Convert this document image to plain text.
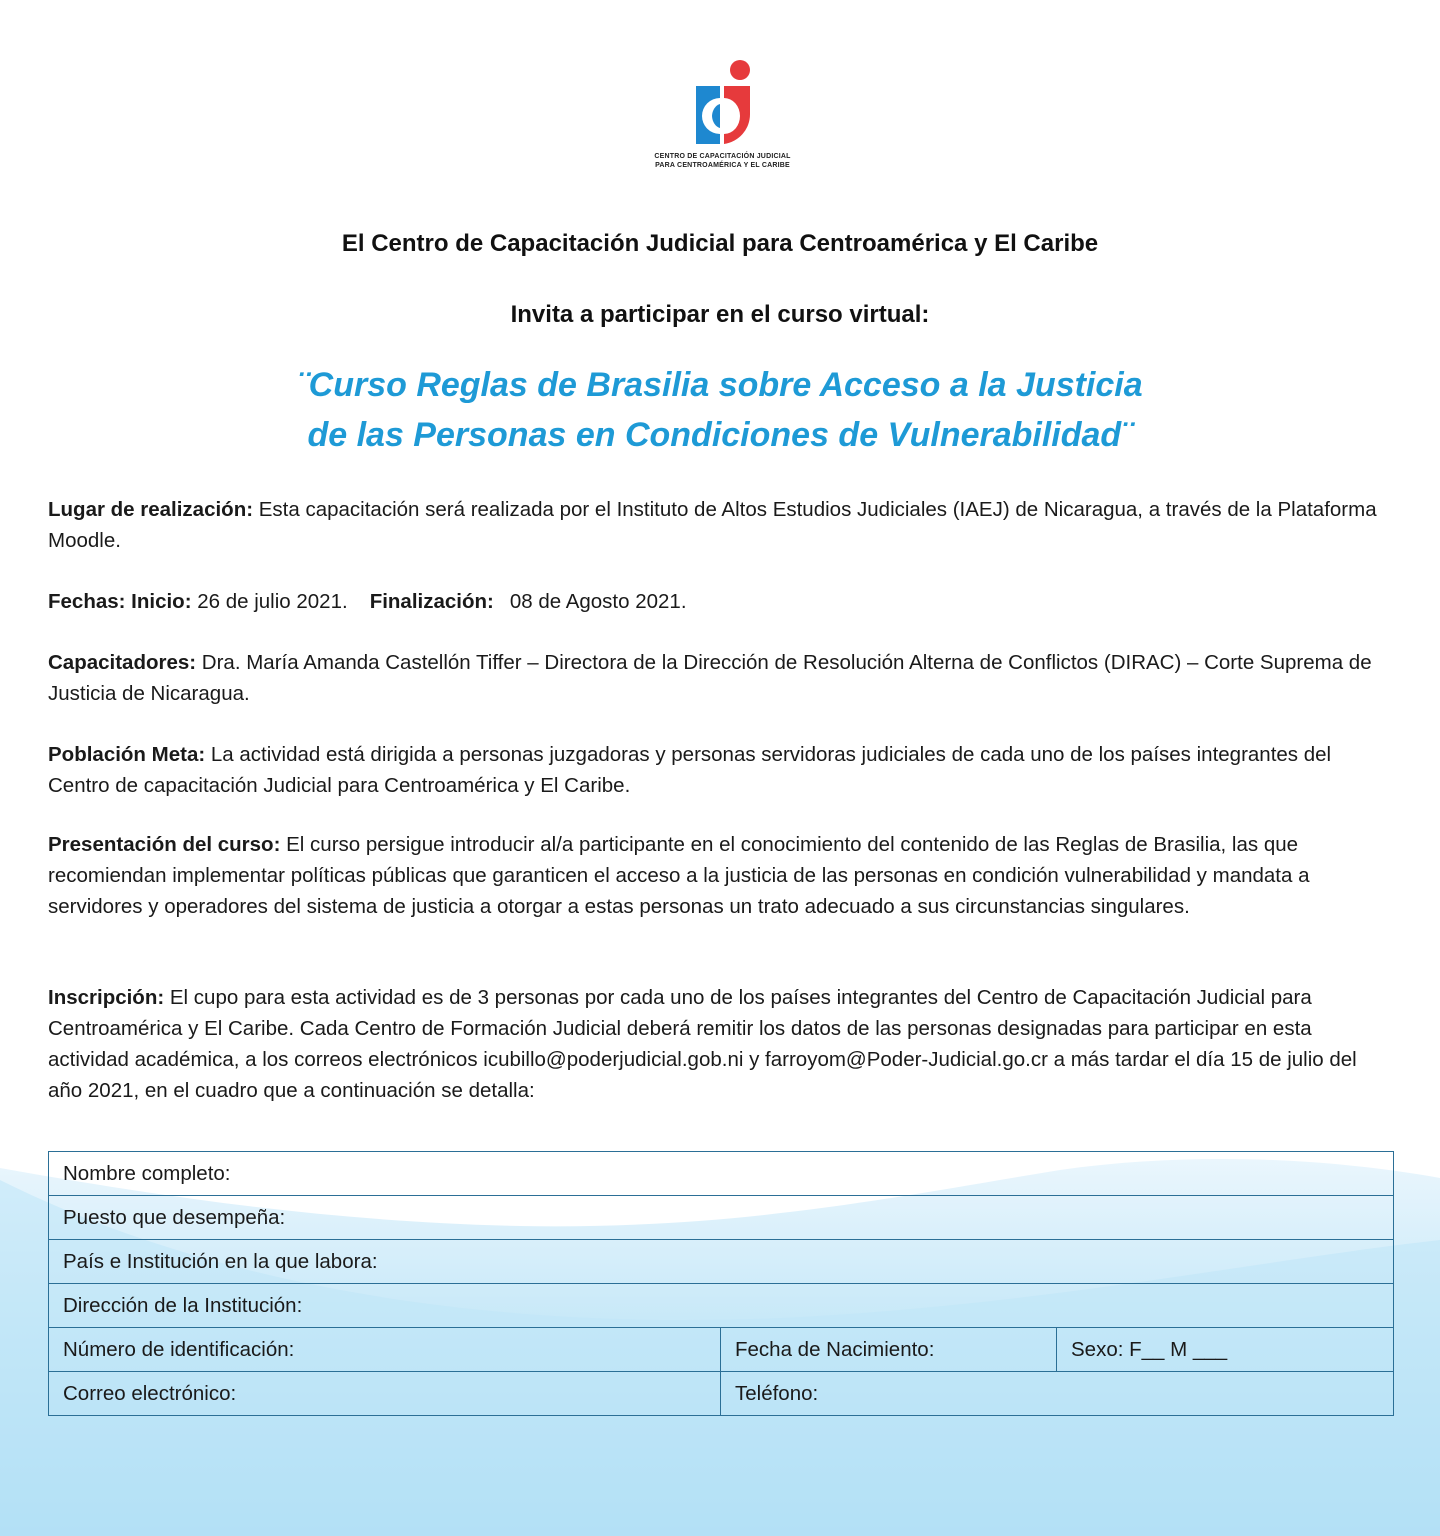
CENTRO DE CAPACITACIÓN JUDICIAL
PARA CENTROAMÉRICA Y EL CARIBE
El Centro de Capacitación Judicial para Centroamérica y El Caribe
Invita a participar en el curso virtual:
¨Curso Reglas de Brasilia sobre Acceso a la Justicia
de las Personas en Condiciones de Vulnerabilidad¨
Lugar de realización: Esta capacitación será realizada por el Instituto de Altos Estudios Judiciales (IAEJ) de Nicaragua, a través de la Plataforma Moodle.
Fechas: Inicio: 26 de julio 2021. Finalización: 08 de Agosto 2021.
Capacitadores: Dra. María Amanda Castellón Tiffer – Directora de la Dirección de Resolución Alterna de Conflictos (DIRAC) – Corte Suprema de Justicia de Nicaragua.
Población Meta: La actividad está dirigida a personas juzgadoras y personas servidoras judiciales de cada uno de los países integrantes del Centro de capacitación Judicial para Centroamérica y El Caribe.
Presentación del curso: El curso persigue introducir al/a participante en el conocimiento del contenido de las Reglas de Brasilia, las que recomiendan implementar políticas públicas que garanticen el acceso a la justicia de las personas en condición vulnerabilidad y mandata a servidores y operadores del sistema de justicia a otorgar a estas personas un trato adecuado a sus circunstancias singulares.
Inscripción: El cupo para esta actividad es de 3 personas por cada uno de los países integrantes del Centro de Capacitación Judicial para Centroamérica y El Caribe. Cada Centro de Formación Judicial deberá remitir los datos de las personas designadas para participar en esta actividad académica, a los correos electrónicos icubillo@poderjudicial.gob.ni y farroyom@Poder-Judicial.go.cr a más tardar el día 15 de julio del año 2021, en el cuadro que a continuación se detalla:
Nombre completo:		
Puesto que desempeña:		
País e Institución en la que labora:		
Dirección de la Institución:		
Número de identificación:	Fecha de Nacimiento:	Sexo: F__ M ___
Correo electrónico:	Teléfono:	
